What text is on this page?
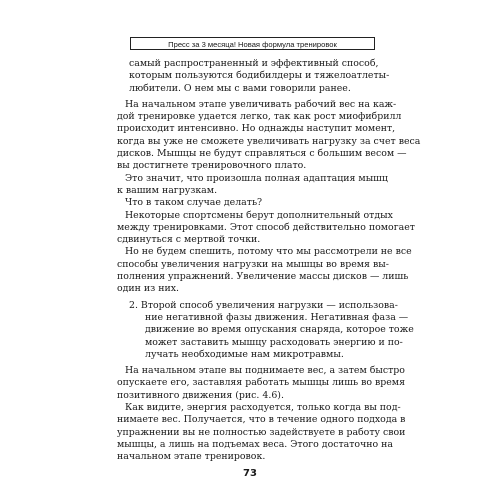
Пресс за 3 месяца! Новая формула тренировок
самый распространенный и эффективный способ,
которым пользуются бодибилдеры и тяжелоатлеты-
любители. О нем мы с вами говорили ранее.
На начальном этапе увеличивать рабочий вес на каж-
дой тренировке удается легко, так как рост миофибрилл
происходит интенсивно. Но однажды наступит момент,
когда вы уже не сможете увеличивать нагрузку за счет веса
дисков. Мышцы не будут справляться с большим весом —
вы достигнете тренировочного плато.
Это значит, что произошла полная адаптация мышц
к вашим нагрузкам.
Что в таком случае делать?
Некоторые спортсмены берут дополнительный отдых
между тренировками. Этот способ действительно помогает
сдвинуться с мертвой точки.
Но не будем спешить, потому что мы рассмотрели не все
способы увеличения нагрузки на мышцы во время вы-
полнения упражнений. Увеличение массы дисков — лишь
один из них.
2. Второй способ увеличения нагрузки — использова-
ние негативной фазы движения. Негативная фаза —
движение во время опускания снаряда, которое тоже
может заставить мышцу расходовать энергию и по-
лучать необходимые нам микротравмы.
На начальном этапе вы поднимаете вес, а затем быстро
опускаете его, заставляя работать мышцы лишь во время
позитивного движения (рис. 4.6).
Как видите, энергия расходуется, только когда вы под-
нимаете вес. Получается, что в течение одного подхода в
упражнении вы не полностью задействуете в работу свои
мышцы, а лишь на подъемах веса. Этого достаточно на
начальном этапе тренировок.
73
